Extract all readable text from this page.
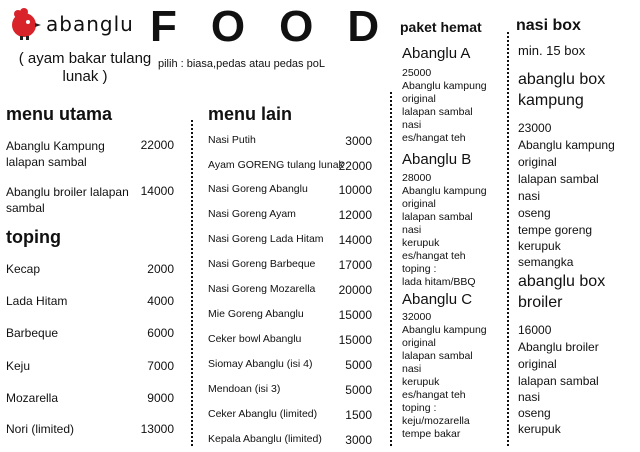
abanglu
( ayam bakar tulang lunak )
FOOD
pilih : biasa,pedas atau pedas poL
menu utama
Abanglu Kampung lalapan sambal
22000
Abanglu broiler lalapan sambal
14000
toping
Kecap	2000
Lada Hitam	4000
Barbeque	6000
Keju	7000
Mozarella	9000
Nori (limited)	13000
menu lain
Nasi Putih	3000
Ayam GORENG tulang lunak
22000
Nasi Goreng Abanglu	10000
Nasi Goreng Ayam	12000
Nasi Goreng Lada Hitam 14000
Nasi Goreng Barbeque 17000
Nasi Goreng Mozarella 20000
Mie Goreng Abanglu	15000
Ceker bowl Abanglu	15000
Siomay Abanglu (isi 4)	5000
Mendoan (isi 3)	5000
Ceker Abanglu (limited) 1500
Kepala Abanglu (limited) 3000
paket hemat
Abanglu A
25000
Abanglu kampung
original
lalapan sambal
nasi
es/hangat teh
Abanglu B
28000
Abanglu kampung
original
lalapan sambal
nasi
kerupuk
es/hangat teh
toping :
lada hitam/BBQ
Abanglu C
32000
Abanglu kampung
original
lalapan sambal
nasi
kerupuk
es/hangat teh
toping :
keju/mozarella
tempe bakar
nasi box
min. 15 box
abanglu box
kampung
23000
Abanglu kampung
original
lalapan sambal
nasi
oseng
tempe goreng
kerupuk
semangka
abanglu box
broiler
16000
Abanglu broiler
original
lalapan sambal
nasi
oseng
kerupuk
